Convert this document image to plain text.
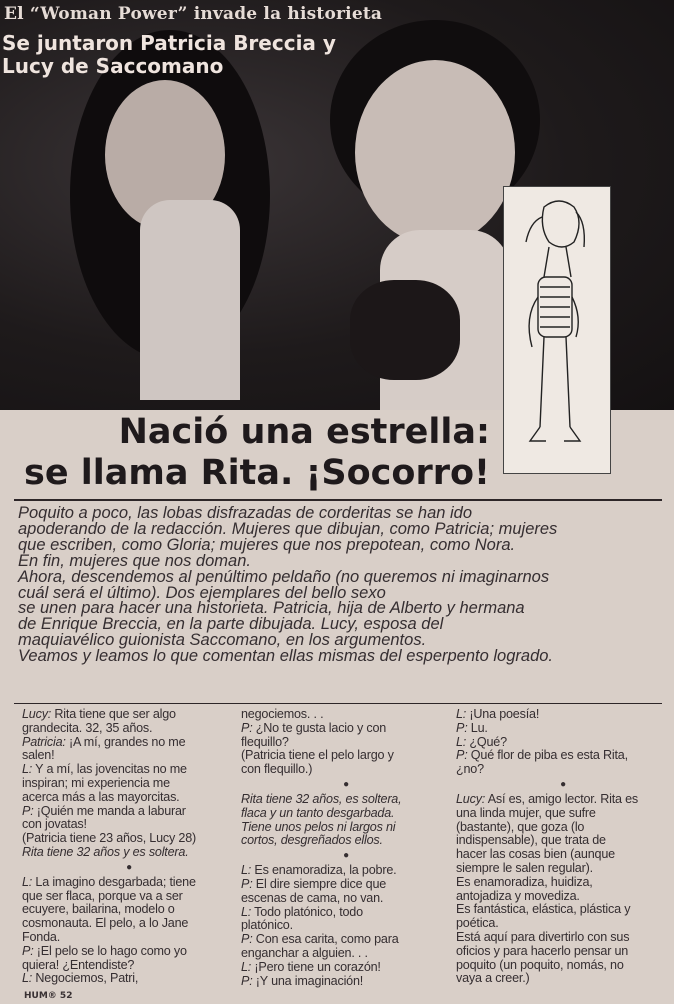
El “Woman Power” invade la historieta
Se juntaron Patricia Breccia y
Lucy de Saccomano
Nació una estrella:
se llama Rita. ¡Socorro!
Poquito a poco, las lobas disfrazadas de corderitas se han ido
apoderando de la redacción. Mujeres que dibujan, como Patricia; mujeres
que escriben, como Gloria; mujeres que nos prepotean, como Nora.
En fin, mujeres que nos doman.
Ahora, descendemos al penúltimo peldaño (no queremos ni imaginarnos
cuál será el último). Dos ejemplares del bello sexo
se unen para hacer una historieta. Patricia, hija de Alberto y hermana
de Enrique Breccia, en la parte dibujada. Lucy, esposa del
maquiavélico guionista Saccomano, en los argumentos.
Veamos y leamos lo que comentan ellas mismas del esperpento logrado.
Lucy: Rita tiene que ser algo
grandecita. 32, 35 años.
Patricia: ¡A mí, grandes no me
salen!
L: Y a mí, las jovencitas no me
inspiran; mi experiencia me
acerca más a las mayorcitas.
P: ¡Quién me manda a laburar
con jovatas!
(Patricia tiene 23 años, Lucy 28)
Rita tiene 32 años y es soltera.
●
L: La imagino desgarbada; tiene
que ser flaca, porque va a ser
ecuyere, bailarina, modelo o
cosmonauta. El pelo, a lo Jane
Fonda.
P: ¡El pelo se lo hago como yo
quiera! ¿Entendiste?
L: Negociemos, Patri,
negociemos. . .
P: ¿No te gusta lacio y con
flequillo?
(Patricia tiene el pelo largo y
con flequillo.)
●
Rita tiene 32 años, es soltera,
flaca y un tanto desgarbada.
Tiene unos pelos ni largos ni
cortos, desgreñados ellos.
●
L: Es enamoradiza, la pobre.
P: El dire siempre dice que
escenas de cama, no van.
L: Todo platónico, todo
platónico.
P: Con esa carita, como para
enganchar a alguien. . .
L: ¡Pero tiene un corazón!
P: ¡Y una imaginación!
L: ¡Una poesía!
P: Lu.
L: ¿Qué?
P: Qué flor de piba es esta Rita,
¿no?
●
Lucy: Así es, amigo lector. Rita es
una linda mujer, que sufre
(bastante), que goza (lo
indispensable), que trata de
hacer las cosas bien (aunque
siempre le salen regular).
Es enamoradiza, huidiza,
antojadiza y movediza.
Es fantástica, elástica, plástica y
poética.
Está aquí para divertirlo con sus
oficios y para hacerlo pensar un
poquito (un poquito, nomás, no
vaya a creer.)
HUM® 52
